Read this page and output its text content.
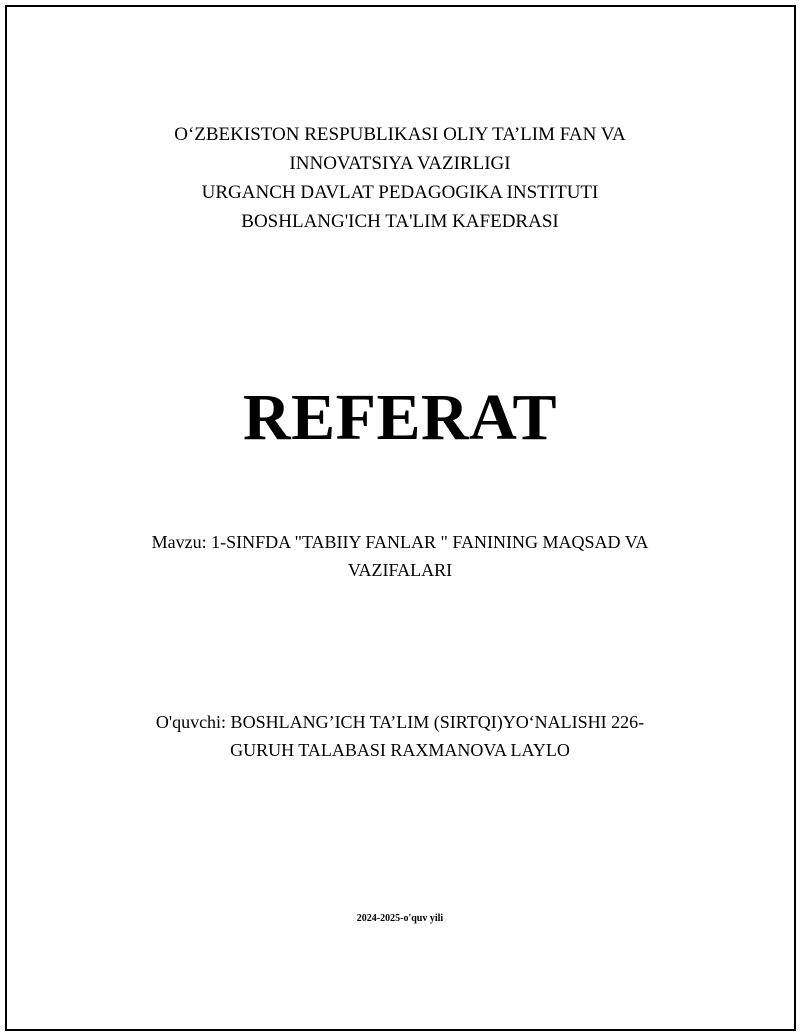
O‘ZBEKISTON RESPUBLIKASI OLIY TA’LIM FAN VA
INNOVATSIYA VAZIRLIGI
URGANCH DAVLAT PEDAGOGIKA INSTITUTI
BOSHLANG'ICH TA'LIM KAFEDRASI
REFERAT
Mavzu: 1-SINFDA "TABIIY FANLAR " FANINING MAQSAD VA
VAZIFALARI
O'quvchi: BOSHLANG’ICH TA’LIM (SIRTQI)YO‘NALISHI 226-
GURUH TALABASI RAXMANOVA LAYLO
2024-2025-o'quv yili
